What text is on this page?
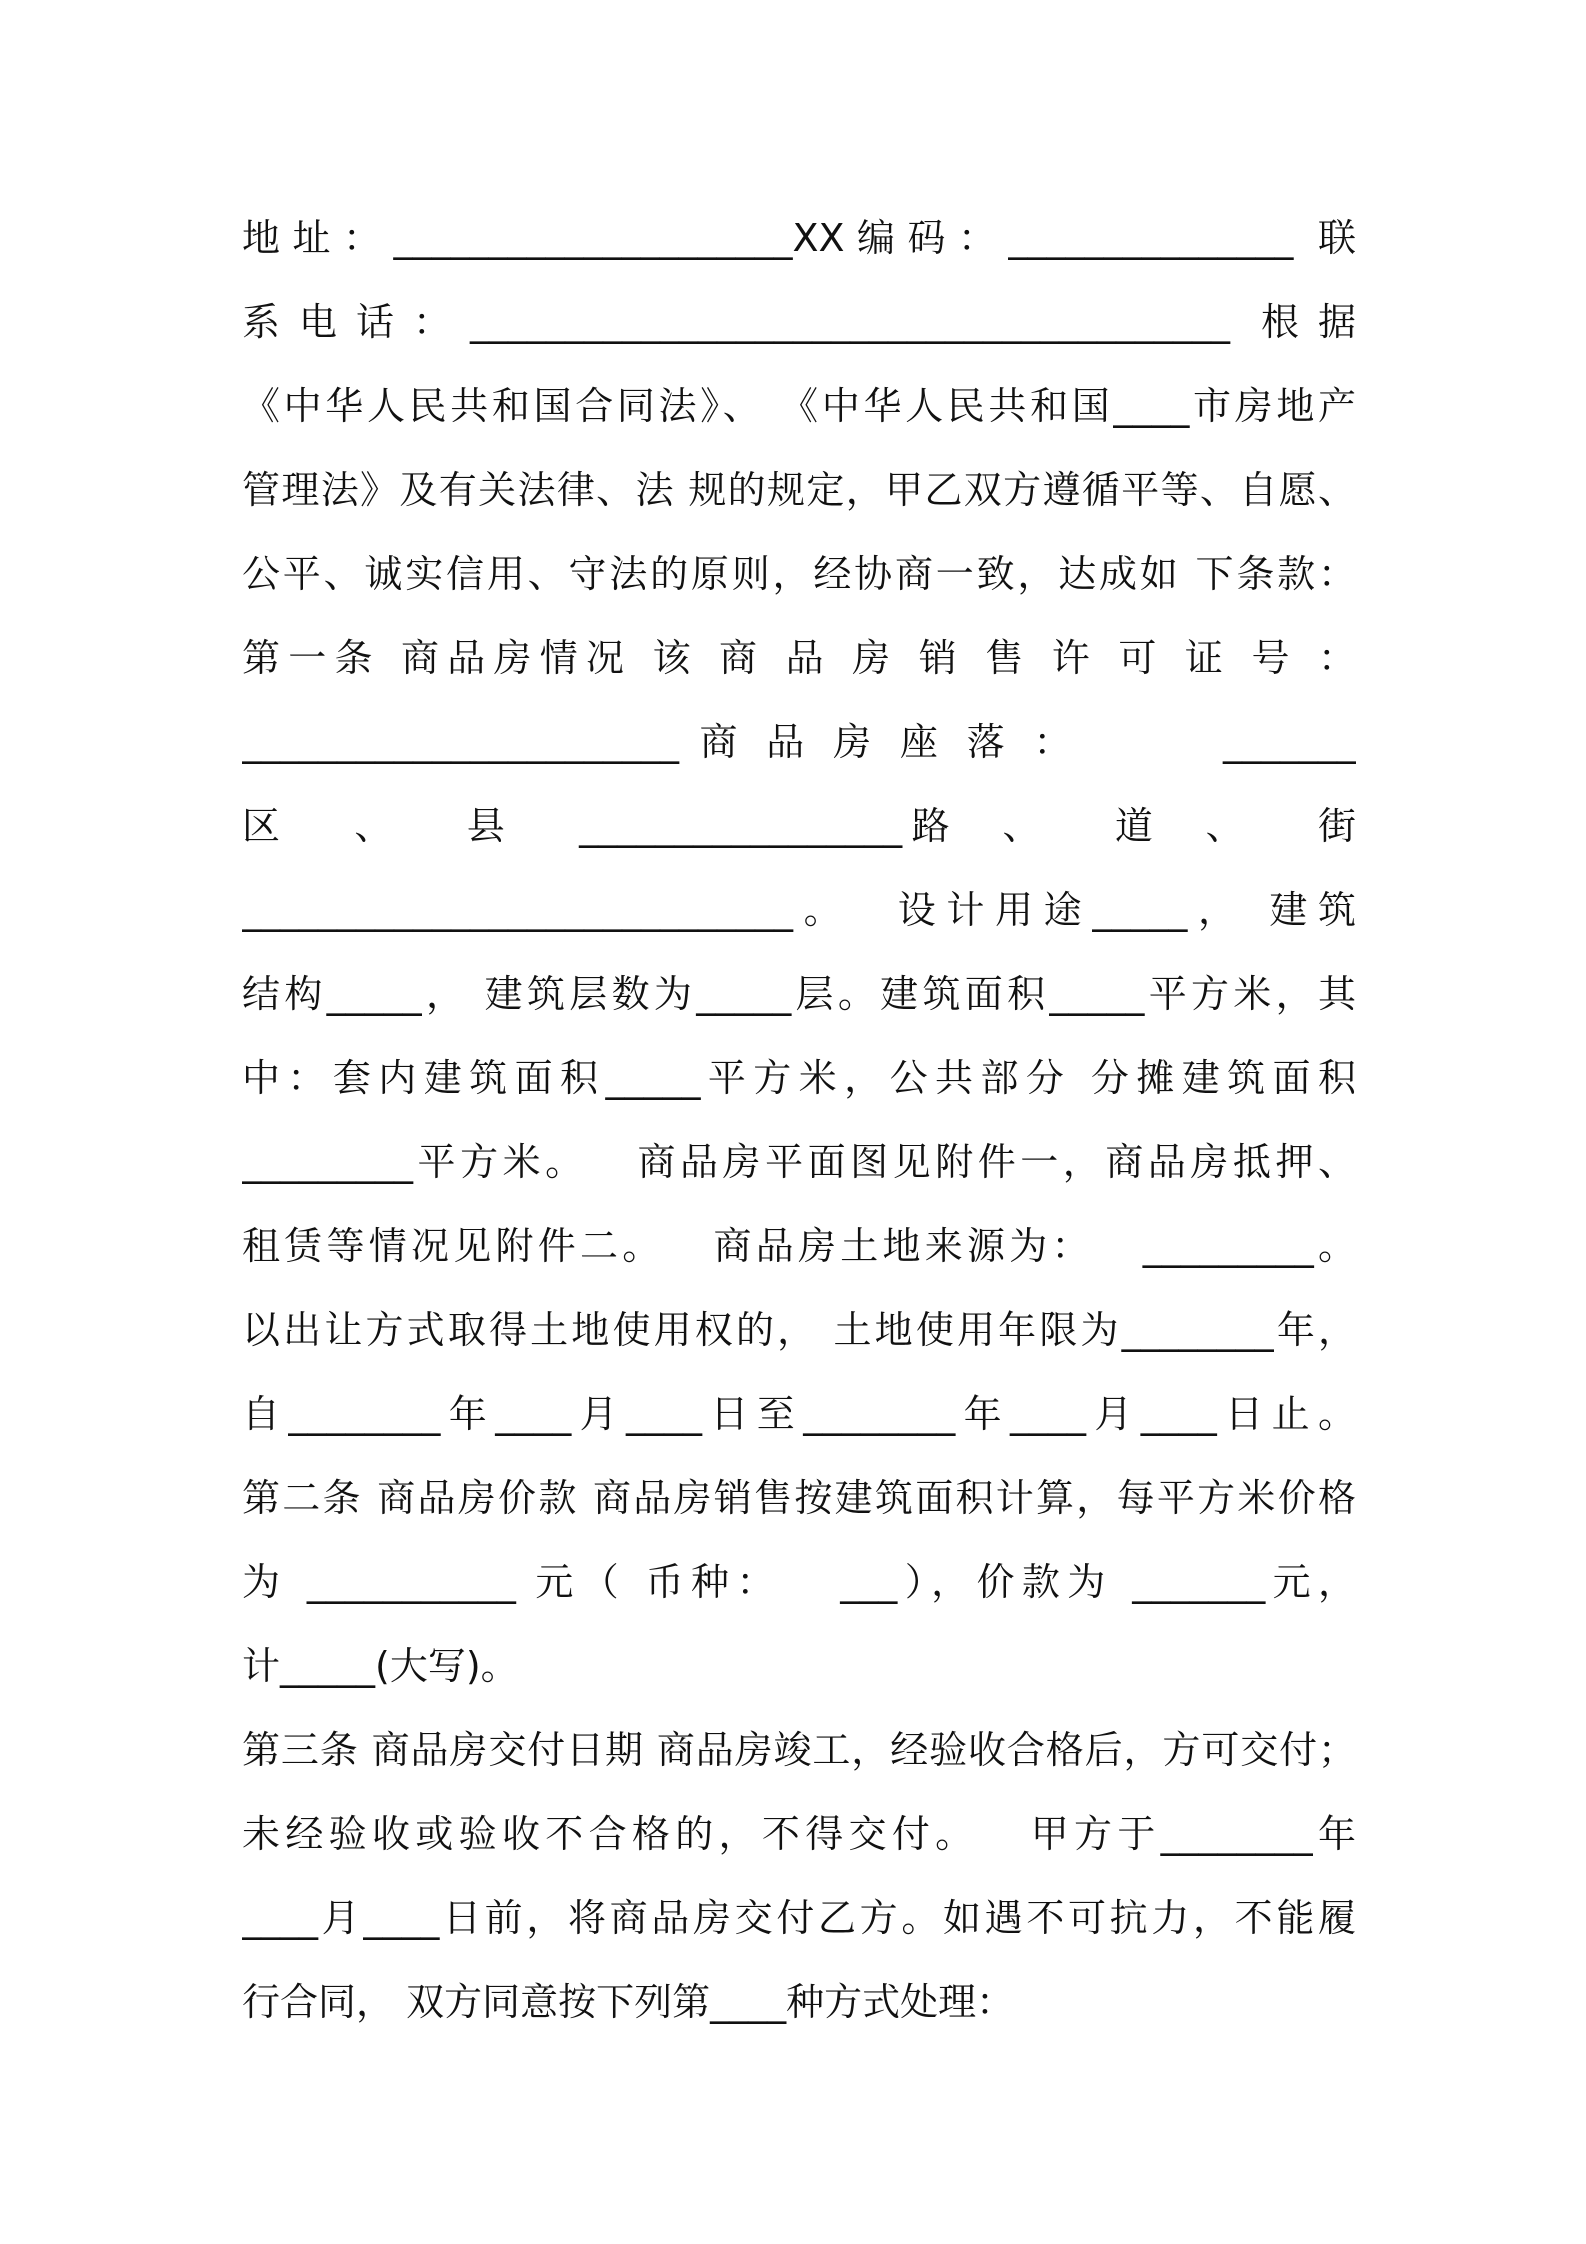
地址：_____________________XX编码：_______________ 联
系电话：________________________________________ 根据
《中华人民共和国合同法》、 《中华人民共和国____市房地产
管理法》及有关法律、法 规的规定，甲乙双方遵循平等、自愿、
公平、诚实信用、守法的原则，经协商一致，达成如 下条款：
第一条 商品房情况 该 商 品 房 销 售 许 可 证 号 ：
_______________________ 商 品 房 座 落 ：       _______
区   、   县   _________________路  、   道  、   街
_____________________________。  设计用途_____， 建筑
结构_____， 建筑层数为_____层。建筑面积_____平方米，其
中：套内建筑面积_____平方米，公共部分 分摊建筑面积
_________平方米。   商品房平面图见附件一，商品房抵押、
租赁等情况见附件二。   商品房土地来源为：   _________。
以出让方式取得土地使用权的， 土地使用年限为________年，
自________年____月____日至________年____月____日止。
第二条 商品房价款 商品房销售按建筑面积计算，每平方米价格
为 ___________ 元（ 币种：   ___），价款为 _______元，
计_____(大写)。
第三条 商品房交付日期 商品房竣工，经验收合格后，方可交付；
未经验收或验收不合格的，不得交付。   甲方于________年
____月____日前，将商品房交付乙方。如遇不可抗力，不能履
行合同， 双方同意按下列第____种方式处理：
